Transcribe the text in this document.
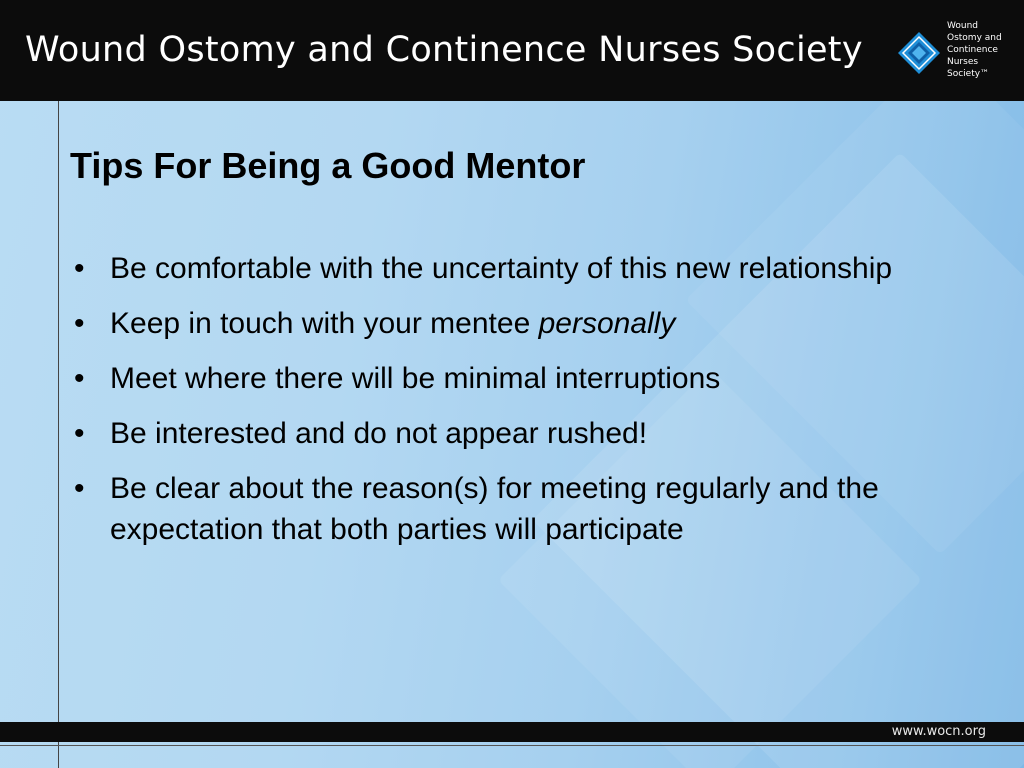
Wound Ostomy and Continence Nurses Society
Wound
Ostomy and
Continence
Nurses
Society™
Tips For Being a Good Mentor
• Be comfortable with the uncertainty of this new relationship
• Keep in touch with your mentee personally
• Meet where there will be minimal interruptions
• Be interested and do not appear rushed!
• Be clear about the reason(s) for meeting regularly and the expectation that both parties will participate
www.wocn.org
